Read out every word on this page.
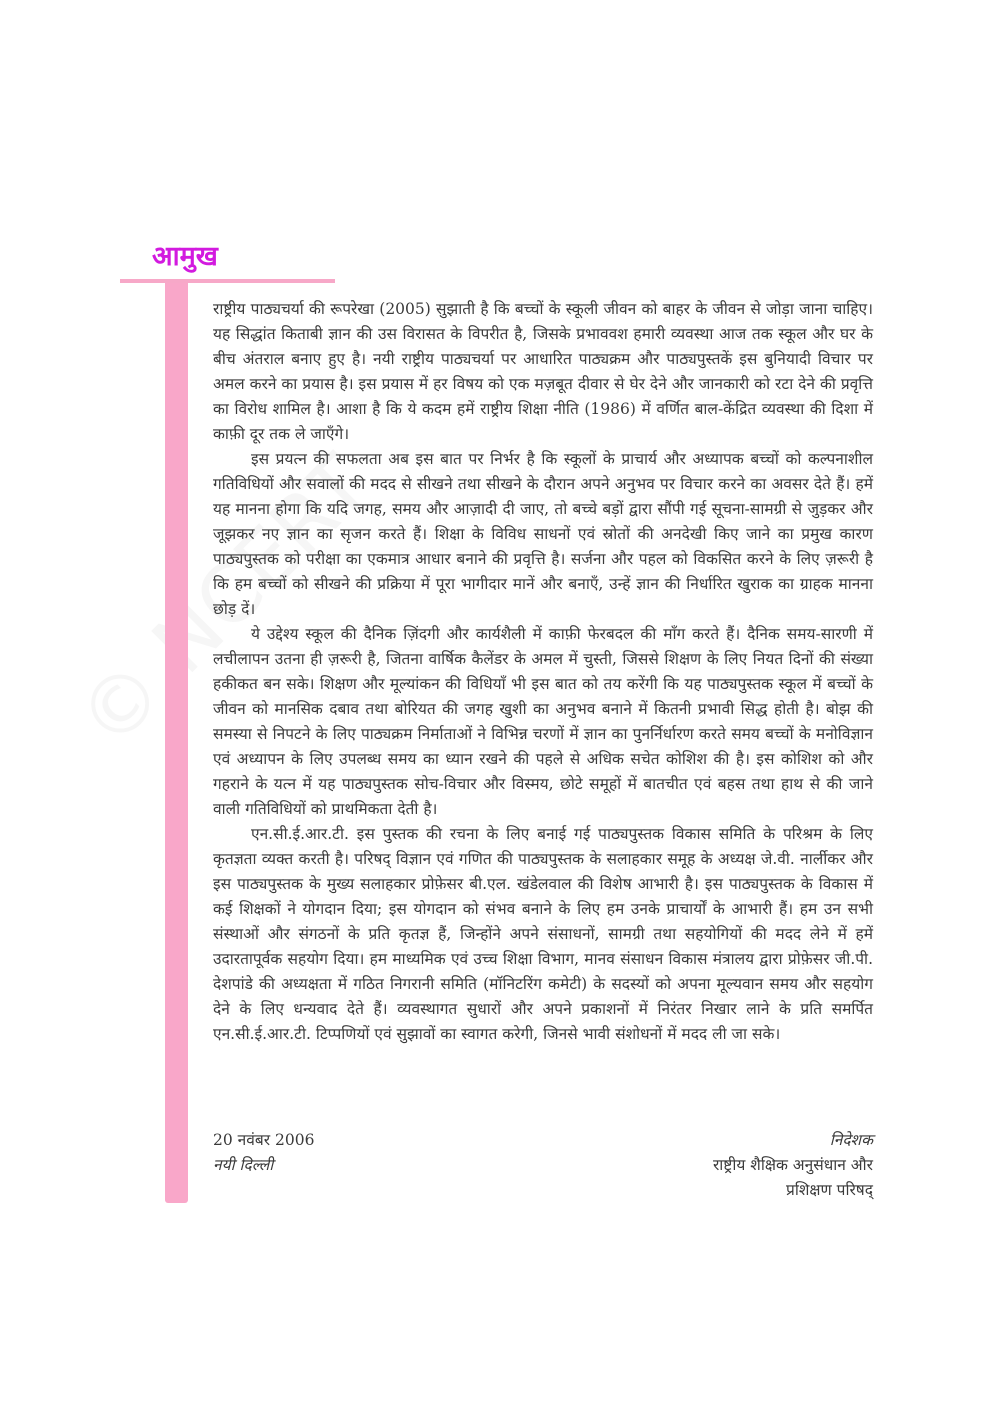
आमुख

राष्ट्रीय पाठ्यचर्या की रूपरेखा (2005) सुझाती है कि बच्चों के स्कूली जीवन को बाहर के जीवन से जोड़ा जाना चाहिए। यह सिद्धांत किताबी ज्ञान की उस विरासत के विपरीत है, जिसके प्रभाववश हमारी व्यवस्था आज तक स्कूल और घर के बीच अंतराल बनाए हुए है। नयी राष्ट्रीय पाठ्यचर्या पर आधारित पाठ्यक्रम और पाठ्यपुस्तकें इस बुनियादी विचार पर अमल करने का प्रयास है। इस प्रयास में हर विषय को एक मज़बूत दीवार से घेर देने और जानकारी को रटा देने की प्रवृत्ति का विरोध शामिल है। आशा है कि ये कदम हमें राष्ट्रीय शिक्षा नीति (1986) में वर्णित बाल-केंद्रित व्यवस्था की दिशा में काफ़ी दूर तक ले जाएँगे।

इस प्रयत्न की सफलता अब इस बात पर निर्भर है कि स्कूलों के प्राचार्य और अध्यापक बच्चों को कल्पनाशील गतिविधियों और सवालों की मदद से सीखने तथा सीखने के दौरान अपने अनुभव पर विचार करने का अवसर देते हैं। हमें यह मानना होगा कि यदि जगह, समय और आज़ादी दी जाए, तो बच्चे बड़ों द्वारा सौंपी गई सूचना-सामग्री से जुड़कर और जूझकर नए ज्ञान का सृजन करते हैं। शिक्षा के विविध साधनों एवं स्रोतों की अनदेखी किए जाने का प्रमुख कारण पाठ्यपुस्तक को परीक्षा का एकमात्र आधार बनाने की प्रवृत्ति है। सर्जना और पहल को विकसित करने के लिए ज़रूरी है कि हम बच्चों को सीखने की प्रक्रिया में पूरा भागीदार मानें और बनाएँ, उन्हें ज्ञान की निर्धारित खुराक का ग्राहक मानना छोड़ दें।

ये उद्देश्य स्कूल की दैनिक ज़िंदगी और कार्यशैली में काफ़ी फेरबदल की माँग करते हैं। दैनिक समय-सारणी में लचीलापन उतना ही ज़रूरी है, जितना वार्षिक कैलेंडर के अमल में चुस्ती, जिससे शिक्षण के लिए नियत दिनों की संख्या हकीकत बन सके। शिक्षण और मूल्यांकन की विधियाँ भी इस बात को तय करेंगी कि यह पाठ्यपुस्तक स्कूल में बच्चों के जीवन को मानसिक दबाव तथा बोरियत की जगह खुशी का अनुभव बनाने में कितनी प्रभावी सिद्ध होती है। बोझ की समस्या से निपटने के लिए पाठ्यक्रम निर्माताओं ने विभिन्न चरणों में ज्ञान का पुनर्निर्धारण करते समय बच्चों के मनोविज्ञान एवं अध्यापन के लिए उपलब्ध समय का ध्यान रखने की पहले से अधिक सचेत कोशिश की है। इस कोशिश को और गहराने के यत्न में यह पाठ्यपुस्तक सोच-विचार और विस्मय, छोटे समूहों में बातचीत एवं बहस तथा हाथ से की जाने वाली गतिविधियों को प्राथमिकता देती है।

एन.सी.ई.आर.टी. इस पुस्तक की रचना के लिए बनाई गई पाठ्यपुस्तक विकास समिति के परिश्रम के लिए कृतज्ञता व्यक्त करती है। परिषद् विज्ञान एवं गणित की पाठ्यपुस्तक के सलाहकार समूह के अध्यक्ष जे.वी. नार्लीकर और इस पाठ्यपुस्तक के मुख्य सलाहकार प्रोफ़ेसर बी.एल. खंडेलवाल की विशेष आभारी है। इस पाठ्यपुस्तक के विकास में कई शिक्षकों ने योगदान दिया; इस योगदान को संभव बनाने के लिए हम उनके प्राचार्यों के आभारी हैं। हम उन सभी संस्थाओं और संगठनों के प्रति कृतज्ञ हैं, जिन्होंने अपने संसाधनों, सामग्री तथा सहयोगियों की मदद लेने में हमें उदारतापूर्वक सहयोग दिया। हम माध्यमिक एवं उच्च शिक्षा विभाग, मानव संसाधन विकास मंत्रालय द्वारा प्रोफ़ेसर जी.पी. देशपांडे की अध्यक्षता में गठित निगरानी समिति (मॉनिटरिंग कमेटी) के सदस्यों को अपना मूल्यवान समय और सहयोग देने के लिए धन्यवाद देते हैं। व्यवस्थागत सुधारों और अपने प्रकाशनों में निरंतर निखार लाने के प्रति समर्पित एन.सी.ई.आर.टी. टिप्पणियों एवं सुझावों का स्वागत करेगी, जिनसे भावी संशोधनों में मदद ली जा सके।

20 नवंबर 2006
नयी दिल्ली
निदेशक
राष्ट्रीय शैक्षिक अनुसंधान और
प्रशिक्षण परिषद्
